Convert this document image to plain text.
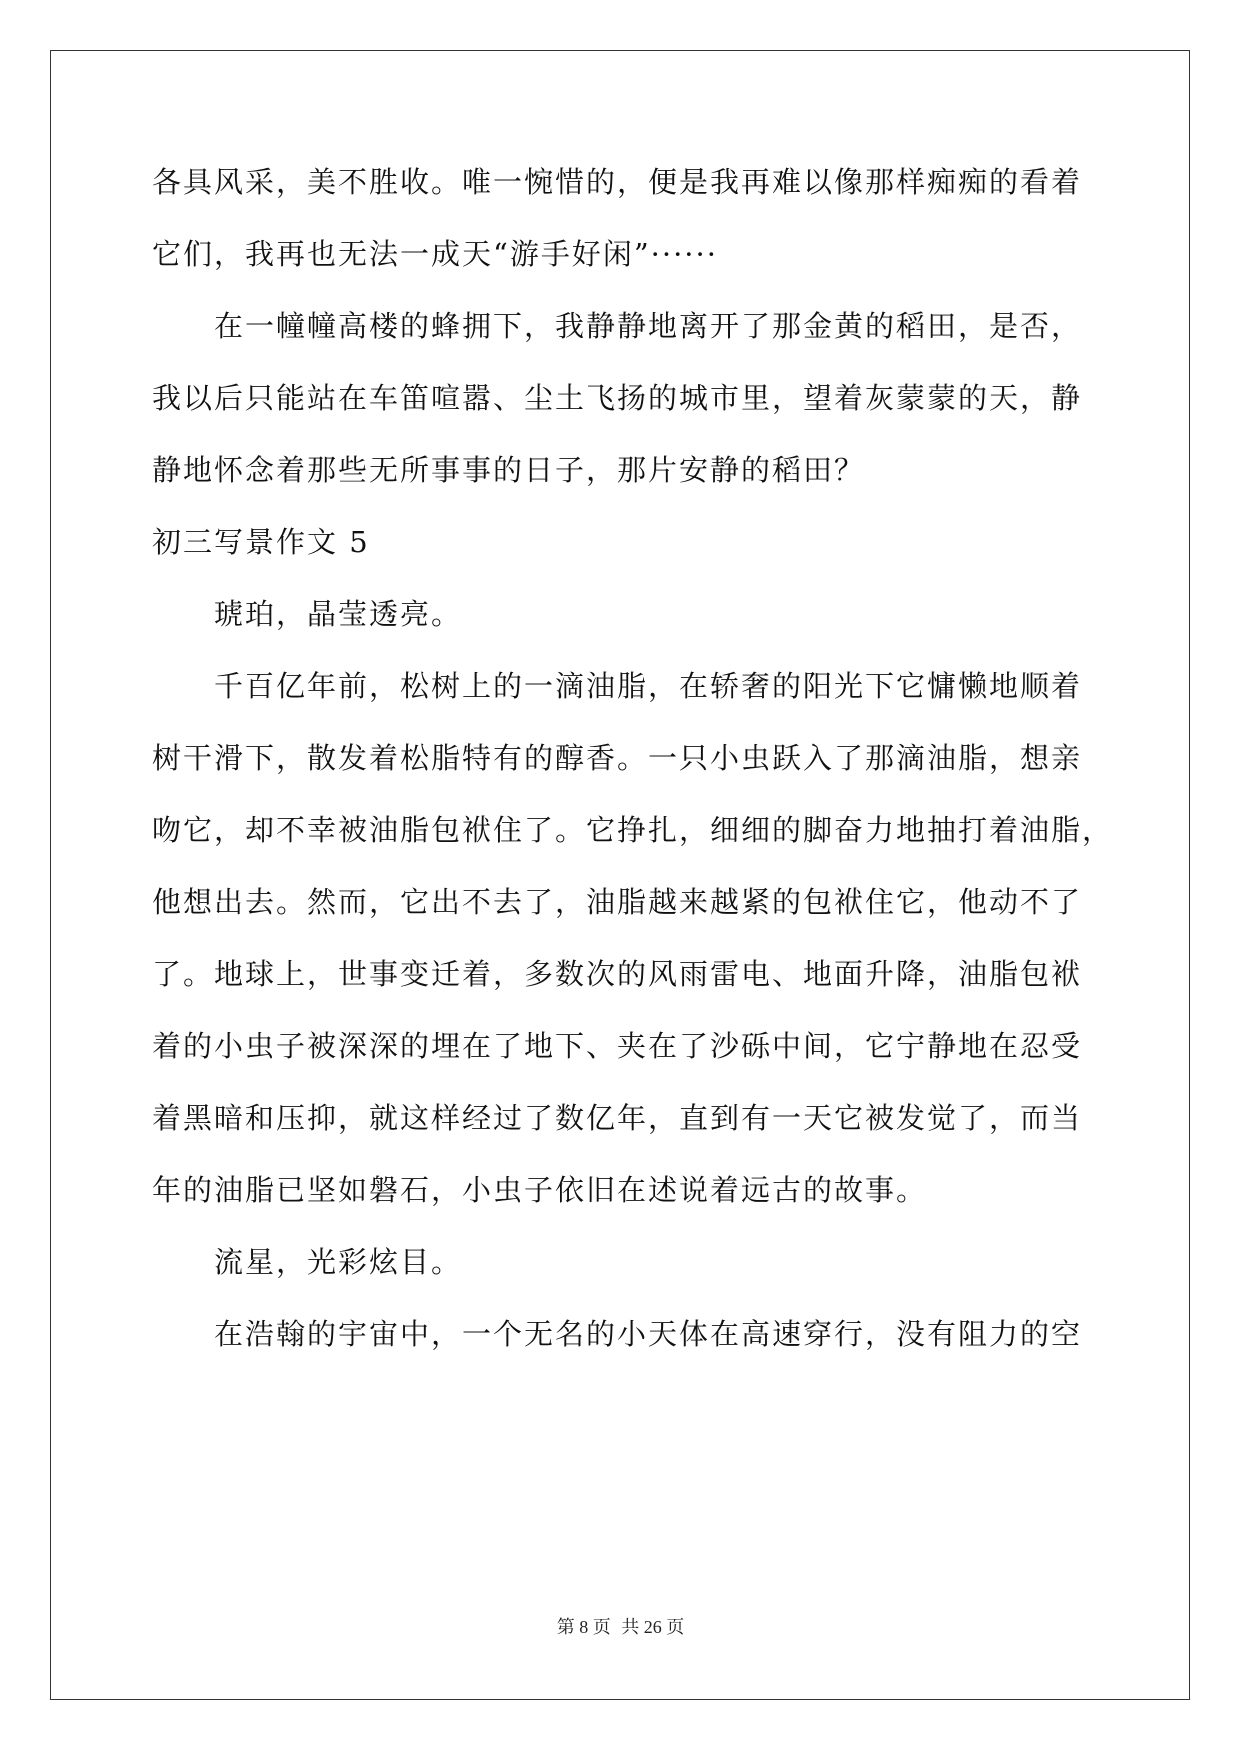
各具风采，美不胜收。唯一惋惜的，便是我再难以像那样痴痴的看着
它们，我再也无法一成天“游手好闲”······
在一幢幢高楼的蜂拥下，我静静地离开了那金黄的稻田，是否，
我以后只能站在车笛喧嚣、尘土飞扬的城市里，望着灰蒙蒙的天，静
静地怀念着那些无所事事的日子，那片安静的稻田？
初三写景作文 5
琥珀，晶莹透亮。
千百亿年前，松树上的一滴油脂，在轿奢的阳光下它慵懒地顺着
树干滑下，散发着松脂特有的醇香。一只小虫跃入了那滴油脂，想亲
吻它，却不幸被油脂包袱住了。它挣扎，细细的脚奋力地抽打着油脂，
他想出去。然而，它出不去了，油脂越来越紧的包袱住它，他动不了
了。地球上，世事变迁着，多数次的风雨雷电、地面升降，油脂包袱
着的小虫子被深深的埋在了地下、夹在了沙砾中间，它宁静地在忍受
着黑暗和压抑，就这样经过了数亿年，直到有一天它被发觉了，而当
年的油脂已坚如磐石，小虫子依旧在述说着远古的故事。
流星，光彩炫目。
在浩翰的宇宙中，一个无名的小天体在高速穿行，没有阻力的空
第 8 页 共 26 页
